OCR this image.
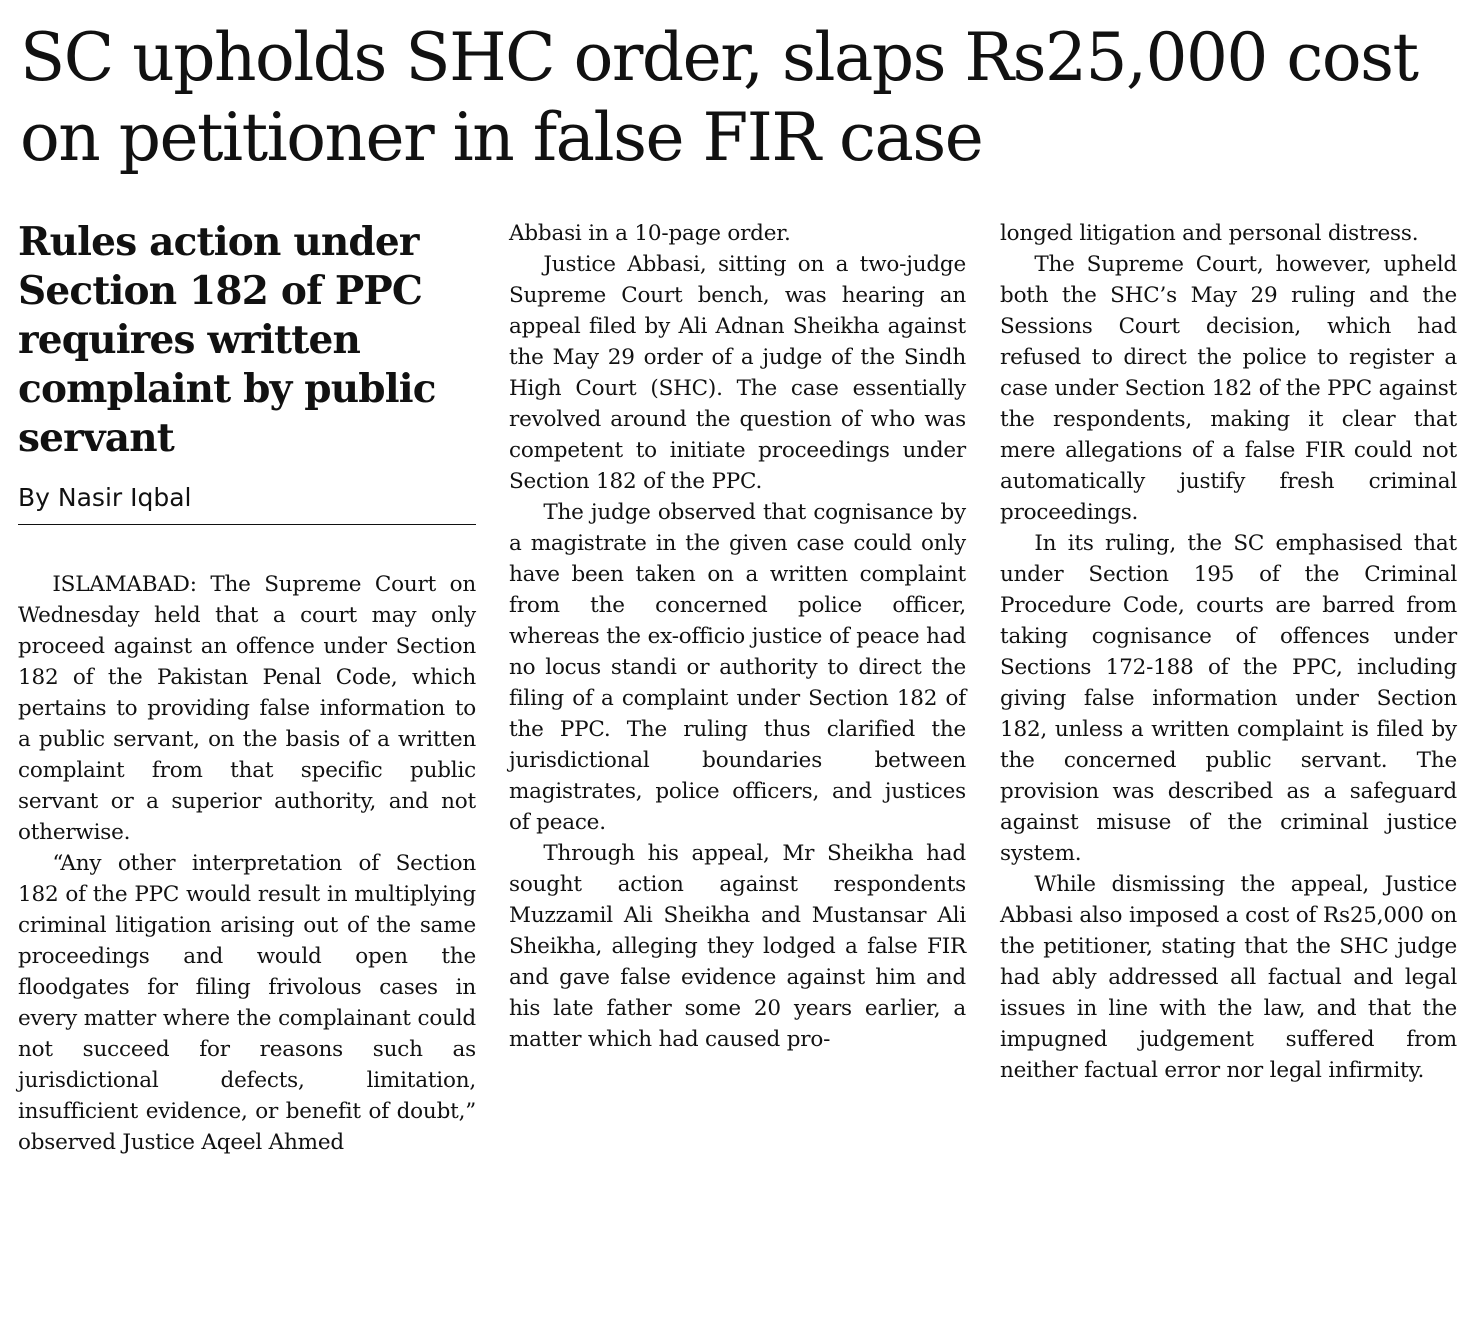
SC upholds SHC order, slaps Rs25,000 cost on petitioner in false FIR case
Rules action under Section 182 of PPC requires written complaint by public servant
By Nasir Iqbal

ISLAMABAD: The Supreme Court on Wednesday held that a court may only proceed against an offence under Section 182 of the Pakistan Penal Code, which pertains to providing false information to a public servant, on the basis of a written complaint from that specific public servant or a superior authority, and not otherwise.

“Any other interpretation of Section 182 of the PPC would result in multiplying criminal litigation arising out of the same proceedings and would open the floodgates for filing frivolous cases in every matter where the complainant could not succeed for reasons such as jurisdictional defects, limitation, insufficient evidence, or benefit of doubt,” observed Justice Aqeel Ahmed

Abbasi in a 10-page order.

Justice Abbasi, sitting on a two-judge Supreme Court bench, was hearing an appeal filed by Ali Adnan Sheikha against the May 29 order of a judge of the Sindh High Court (SHC). The case essentially revolved around the question of who was competent to initiate proceedings under Section 182 of the PPC.

The judge observed that cognisance by a magistrate in the given case could only have been taken on a written complaint from the concerned police officer, whereas the ex-officio justice of peace had no locus standi or authority to direct the filing of a complaint under Section 182 of the PPC. The ruling thus clarified the jurisdictional boundaries between magistrates, police officers, and justices of peace.

Through his appeal, Mr Sheikha had sought action against respondents Muzzamil Ali Sheikha and Mustansar Ali Sheikha, alleging they lodged a false FIR and gave false evidence against him and his late father some 20 years earlier, a matter which had caused pro-

longed litigation and personal distress.

The Supreme Court, however, upheld both the SHC’s May 29 ruling and the Sessions Court decision, which had refused to direct the police to register a case under Section 182 of the PPC against the respondents, making it clear that mere allegations of a false FIR could not automatically justify fresh criminal proceedings.

In its ruling, the SC emphasised that under Section 195 of the Criminal Procedure Code, courts are barred from taking cognisance of offences under Sections 172-188 of the PPC, including giving false information under Section 182, unless a written complaint is filed by the concerned public servant. The provision was described as a safeguard against misuse of the criminal justice system.

While dismissing the appeal, Justice Abbasi also imposed a cost of Rs25,000 on the petitioner, stating that the SHC judge had ably addressed all factual and legal issues in line with the law, and that the impugned judgement suffered from neither factual error nor legal infirmity.
